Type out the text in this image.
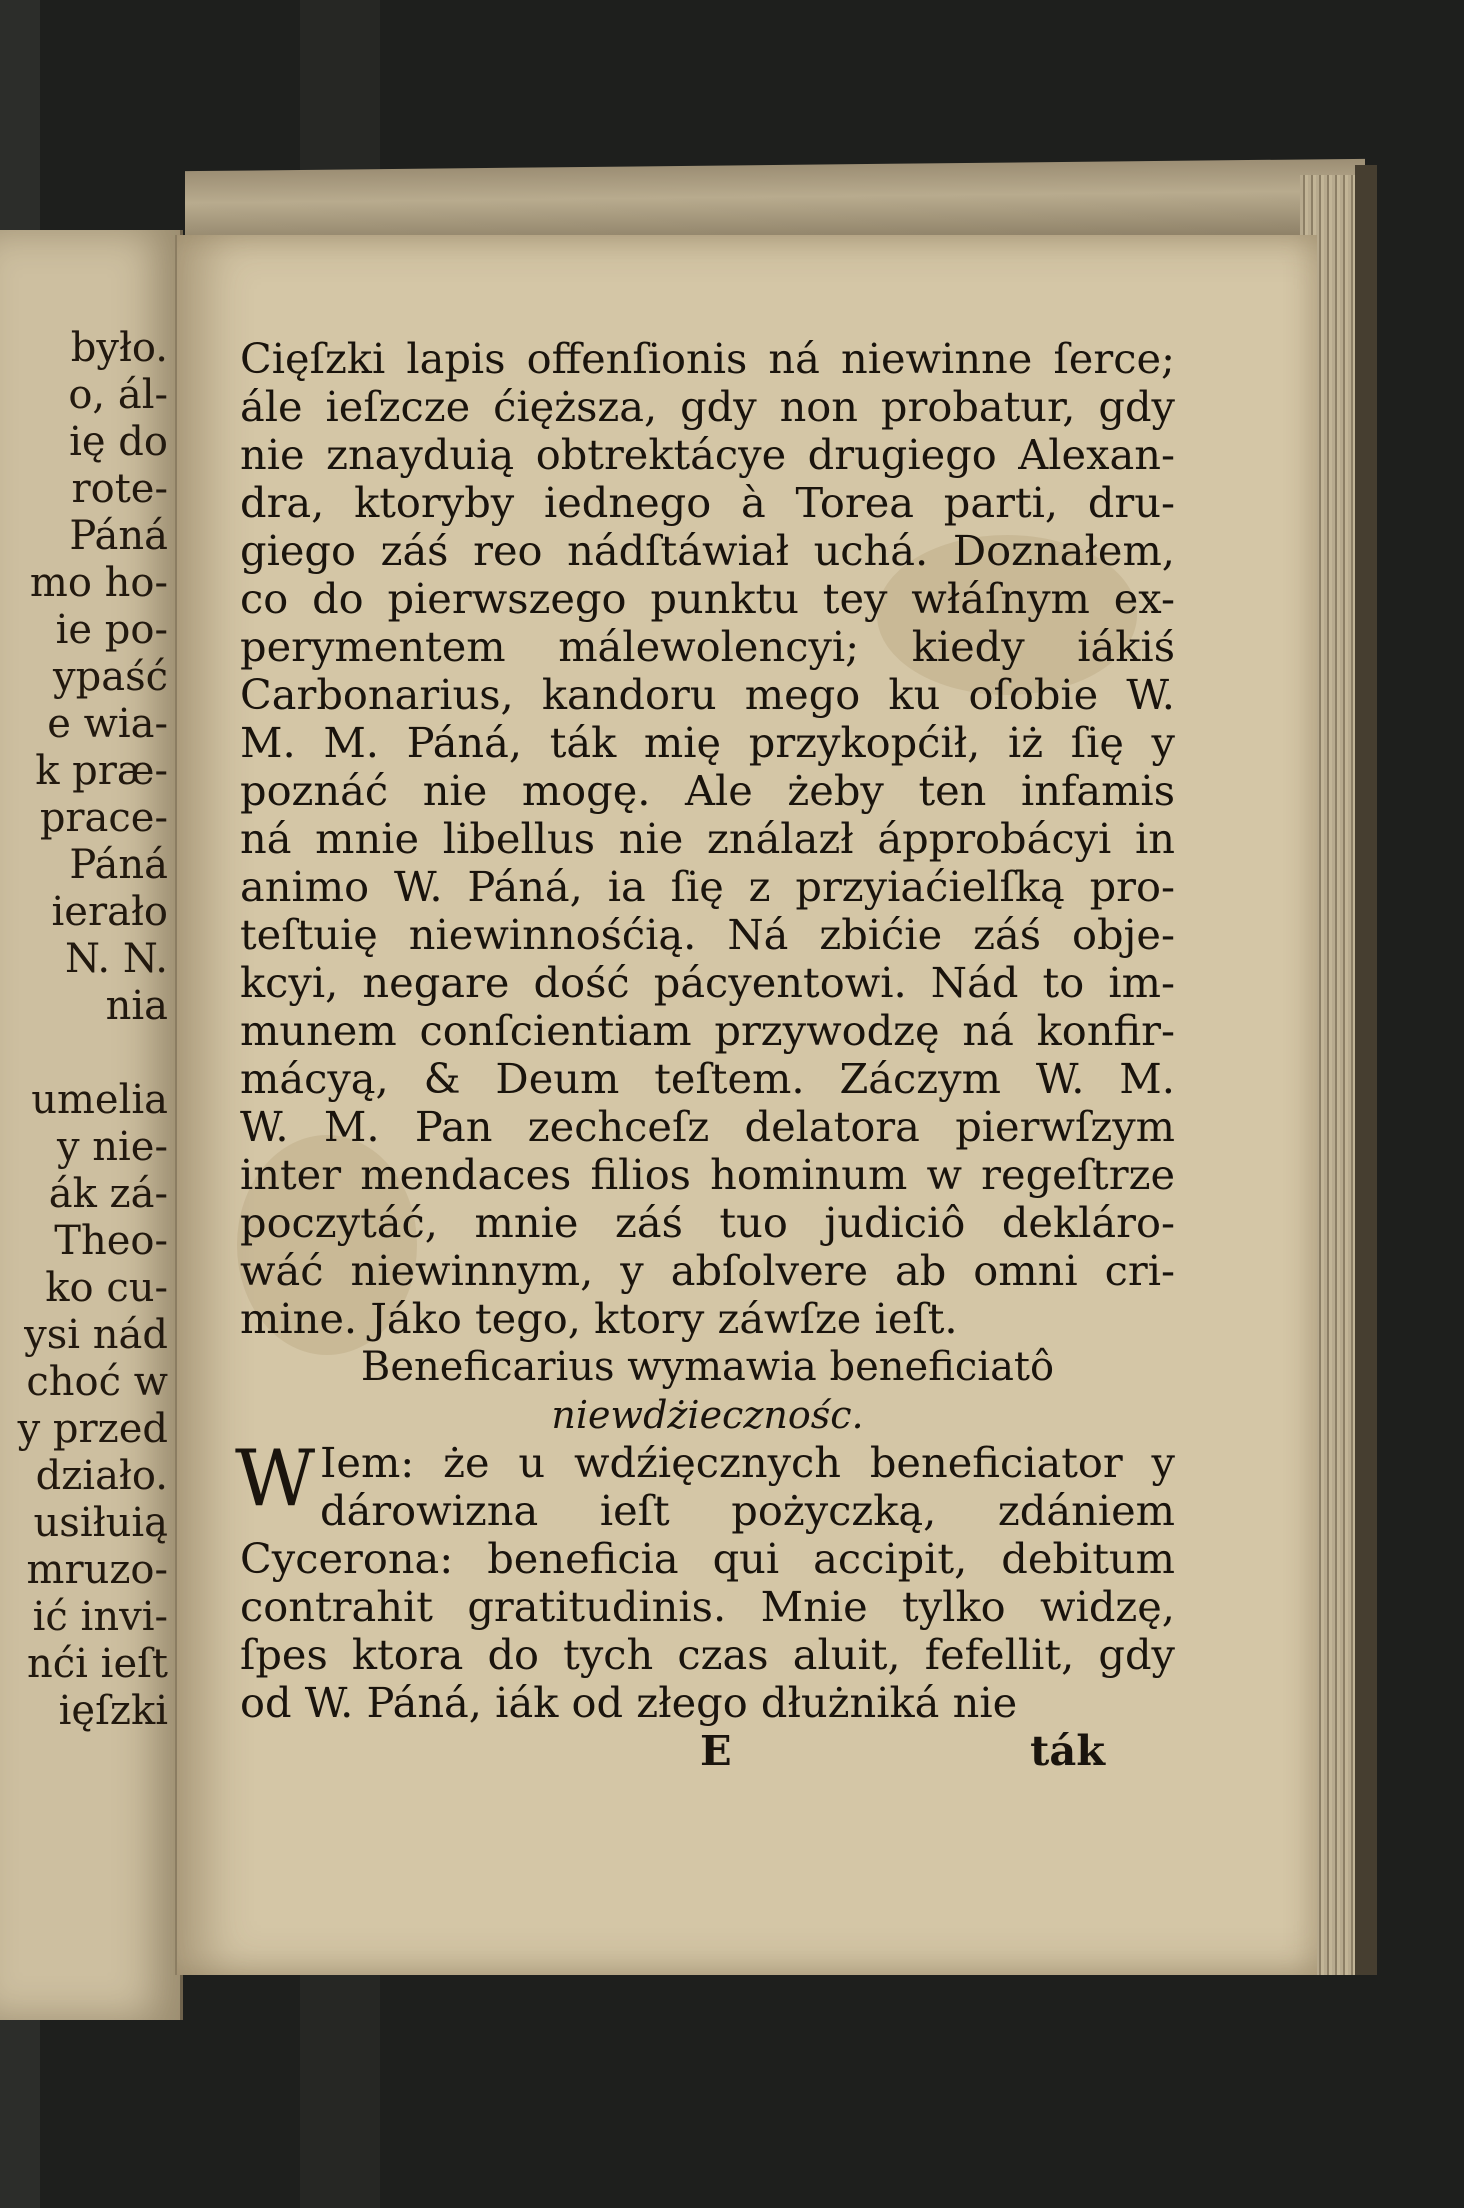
było.
o, ál-
ię do
rote-
Páná
mo ho-
ie po-
ypaść
e wia-
k præ-
prace-
Páná
ierało
N. N.
nia
umelia
y nie-
ák zá-
Theo-
ko cu-
ysi nád
choć w
y przed
działo.
usiłuią
mruzo-
ić invi-
nći ieſt
ięſzki
Cięſzki lapis offenſionis ná niewinne ſerce;
ále ieſzcze ćięższa, gdy non probatur, gdy
nie znayduią obtrektácye drugiego Alexan-
dra, ktoryby iednego à Torea parti, dru-
giego záś reo nádſtáwiał uchá. Doznałem,
co do pierwszego punktu tey włáſnym ex-
perymentem málewolencyi; kiedy iákiś
Carbonarius, kandoru mego ku oſobie W.
M. M. Páná, ták mię przykopćił, iż ſię y
poznáć nie mogę. Ale żeby ten infamis
ná mnie libellus nie ználazł ápprobácyi in
animo W. Páná, ia ſię z przyiaćielſką pro-
teſtuię niewinnośćią. Ná zbićie záś obje-
kcyi, negare dość pácyentowi. Nád to im-
munem conſcientiam przywodzę ná konfir-
mácyą, & Deum teſtem. Záczym W. M.
W. M. Pan zechceſz delatora pierwſzym
inter mendaces filios hominum w regeſtrze
poczytáć, mnie záś tuo judiciô dekláro-
wáć niewinnym, y abſolvere ab omni cri-
mine. Jáko tego, ktory záwſze ieſt.
Beneficarius wymawia beneficiatô
niewdżiecznośc.
W Iem: że u wdźięcznych beneficiator y
dárowizna ieſt pożyczką, zdániem
Cycerona: beneficia qui accipit, debitum
contrahit gratitudinis. Mnie tylko widzę,
ſpes ktora do tych czas aluit, fefellit, gdy
od W. Páná, iák od złego dłużniká nie
E	ták
